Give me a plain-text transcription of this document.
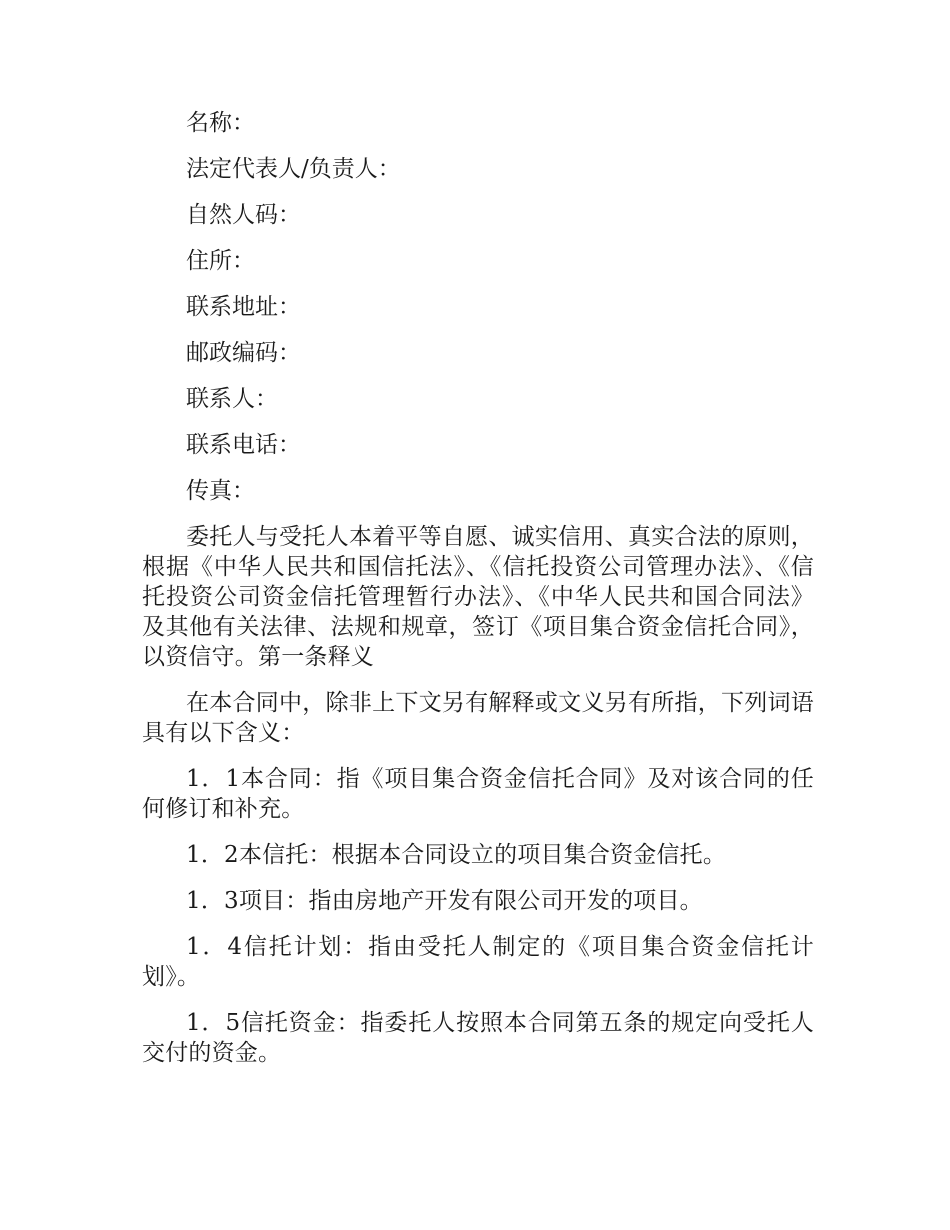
名称：

法定代表人/负责人：

自然人码：

住所：

联系地址：

邮政编码：

联系人：

联系电话：

传真：

委托人与受托人本着平等自愿、诚实信用、真实合法的原则，根据《中华人民共和国信托法》、《信托投资公司管理办法》、《信托投资公司资金信托管理暂行办法》、《中华人民共和国合同法》及其他有关法律、法规和规章，签订《项目集合资金信托合同》，以资信守。第一条释义

在本合同中，除非上下文另有解释或文义另有所指，下列词语具有以下含义：

1．1本合同：指《项目集合资金信托合同》及对该合同的任何修订和补充。

1．2本信托：根据本合同设立的项目集合资金信托。

1．3项目：指由房地产开发有限公司开发的项目。

1．4信托计划：指由受托人制定的《项目集合资金信托计划》。

1．5信托资金：指委托人按照本合同第五条的规定向受托人交付的资金。
